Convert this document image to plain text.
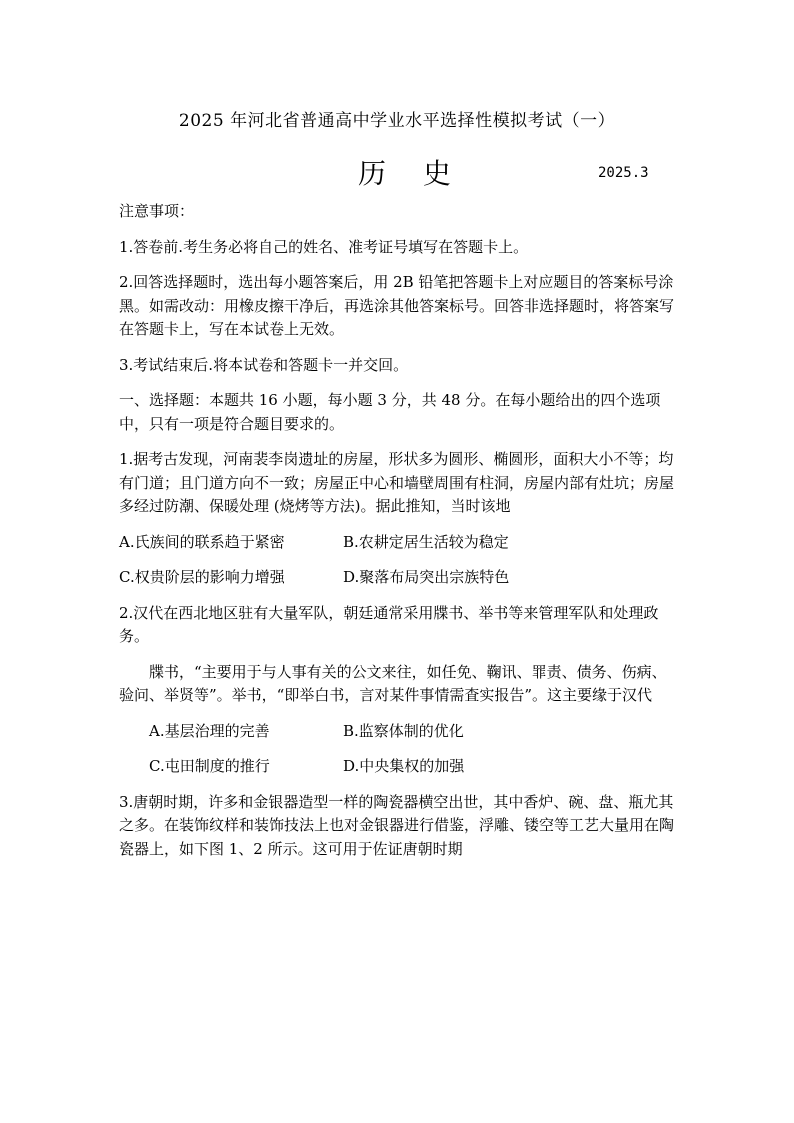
2025 年河北省普通高中学业水平选择性模拟考试（一）
历 史	2025.3

注意事项：

1.答卷前.考生务必将自己的姓名、准考证号填写在答题卡上。

2.回答选择题时，选出每小题答案后，用 2B 铅笔把答题卡上对应题目的答案标号涂黑。如需改动：用橡皮擦干净后，再选涂其他答案标号。回答非选择题时，将答案写在答题卡上，写在本试卷上无效。

3.考试结束后.将本试卷和答题卡一并交回。

一、选择题：本题共 16 小题，每小题 3 分，共 48 分。在每小题给出的四个选项中，只有一项是符合题目要求的。

1.据考古发现，河南裴李岗遗址的房屋，形状多为圆形、椭圆形，面积大小不等；均有门道；且门道方向不一致；房屋正中心和墙壁周围有柱洞，房屋内部有灶坑；房屋多经过防潮、保暖处理 (烧烤等方法)。据此推知，当时该地

A.氏族间的联系趋于紧密	B.农耕定居生活较为稳定
C.权贵阶层的影响力增强	D.聚落布局突出宗族特色

2.汉代在西北地区驻有大量军队，朝廷通常采用牒书、举书等来管理军队和处理政务。

牒书，“主要用于与人事有关的公文来往，如任免、鞠讯、罪责、债务、伤病、验问、举贤等”。举书，“即举白书，言对某件事情需査实报告”。这主要缘于汉代

A.基层治理的完善	B.监察体制的优化
C.屯田制度的推行	D.中央集权的加强

3.唐朝时期，许多和金银器造型一样的陶瓷器横空出世，其中香炉、碗、盘、瓶尤其之多。在装饰纹样和装饰技法上也对金银器进行借鉴，浮雕、镂空等工艺大量用在陶瓷器上，如下图 1、2 所示。这可用于佐证唐朝时期
